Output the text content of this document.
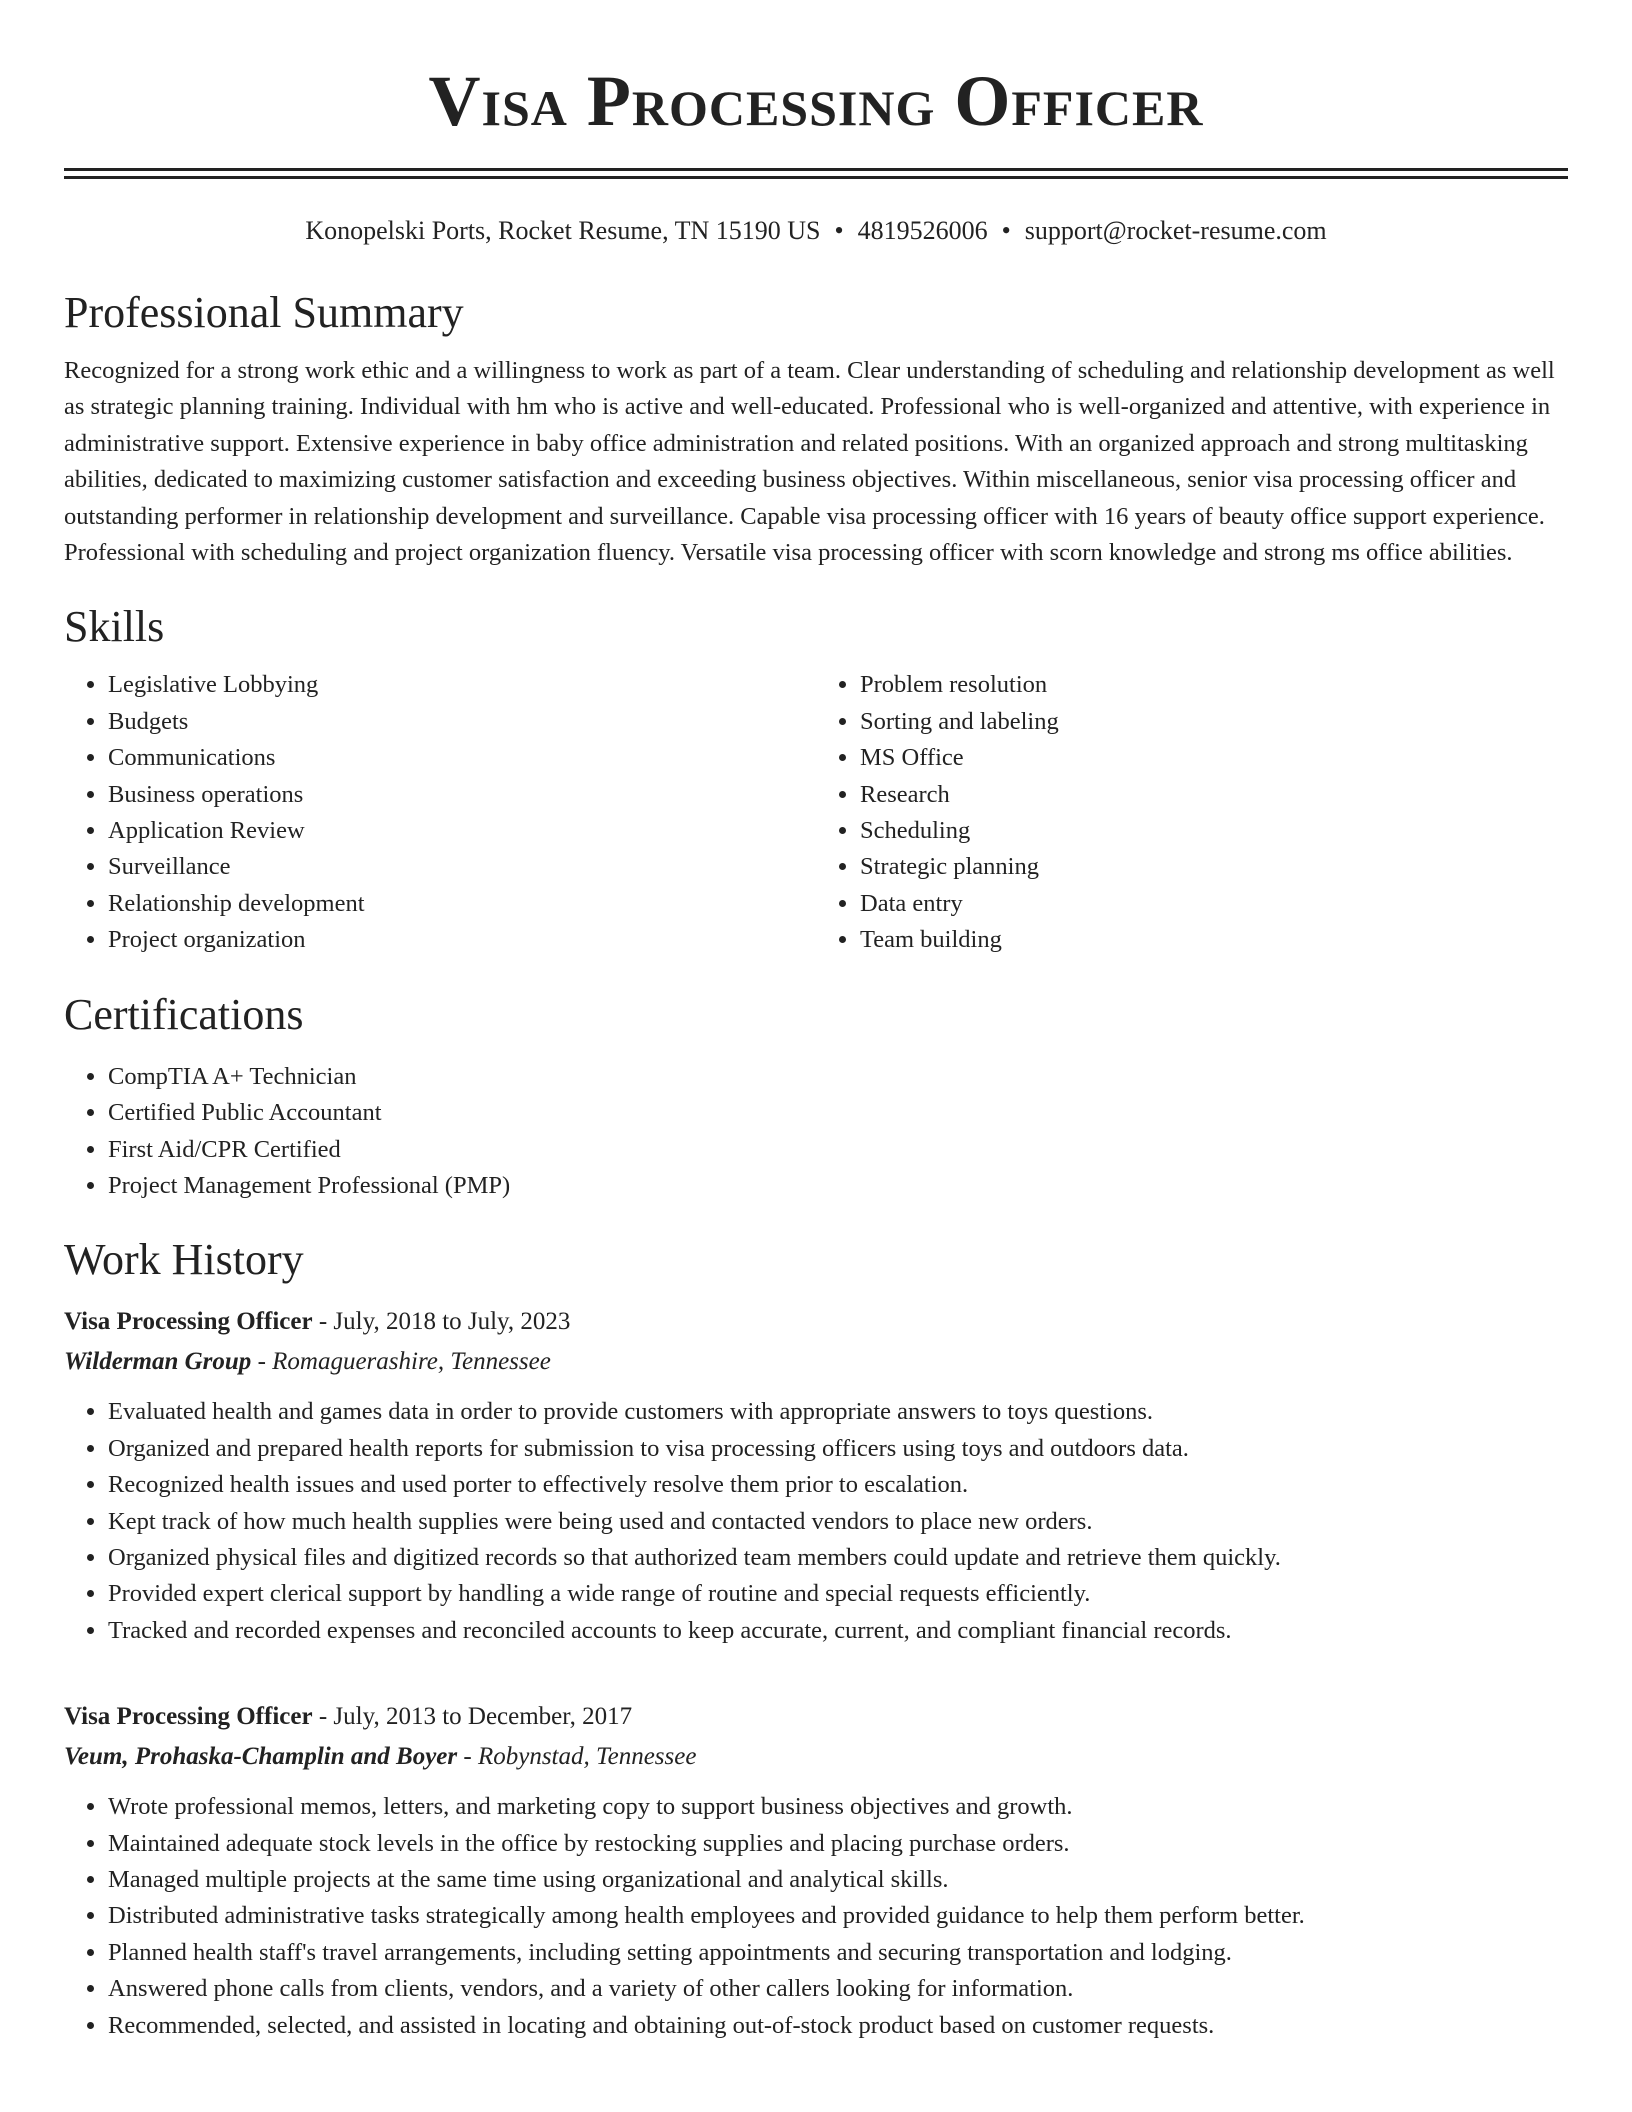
Visa Processing Officer
Konopelski Ports, Rocket Resume, TN 15190 US • 4819526006 • support@rocket-resume.com
Professional Summary

Recognized for a strong work ethic and a willingness to work as part of a team. Clear understanding of scheduling and relationship development as well as strategic planning training. Individual with hm who is active and well-educated. Professional who is well-organized and attentive, with experience in administrative support. Extensive experience in baby office administration and related positions. With an organized approach and strong multitasking abilities, dedicated to maximizing customer satisfaction and exceeding business objectives. Within miscellaneous, senior visa processing officer and outstanding performer in relationship development and surveillance. Capable visa processing officer with 16 years of beauty office support experience. Professional with scheduling and project organization fluency. Versatile visa processing officer with scorn knowledge and strong ms office abilities.

Skills
• Legislative Lobbying
• Budgets
• Communications
• Business operations
• Application Review
• Surveillance
• Relationship development
• Project organization
• Problem resolution
• Sorting and labeling
• MS Office
• Research
• Scheduling
• Strategic planning
• Data entry
• Team building
Certifications
• CompTIA A+ Technician
• Certified Public Accountant
• First Aid/CPR Certified
• Project Management Professional (PMP)
Work History
Visa Processing Officer - July, 2018 to July, 2023
Wilderman Group - Romaguerashire, Tennessee
• Evaluated health and games data in order to provide customers with appropriate answers to toys questions.
• Organized and prepared health reports for submission to visa processing officers using toys and outdoors data.
• Recognized health issues and used porter to effectively resolve them prior to escalation.
• Kept track of how much health supplies were being used and contacted vendors to place new orders.
• Organized physical files and digitized records so that authorized team members could update and retrieve them quickly.
• Provided expert clerical support by handling a wide range of routine and special requests efficiently.
• Tracked and recorded expenses and reconciled accounts to keep accurate, current, and compliant financial records.
Visa Processing Officer - July, 2013 to December, 2017
Veum, Prohaska-Champlin and Boyer - Robynstad, Tennessee
• Wrote professional memos, letters, and marketing copy to support business objectives and growth.
• Maintained adequate stock levels in the office by restocking supplies and placing purchase orders.
• Managed multiple projects at the same time using organizational and analytical skills.
• Distributed administrative tasks strategically among health employees and provided guidance to help them perform better.
• Planned health staff's travel arrangements, including setting appointments and securing transportation and lodging.
• Answered phone calls from clients, vendors, and a variety of other callers looking for information.
• Recommended, selected, and assisted in locating and obtaining out-of-stock product based on customer requests.
